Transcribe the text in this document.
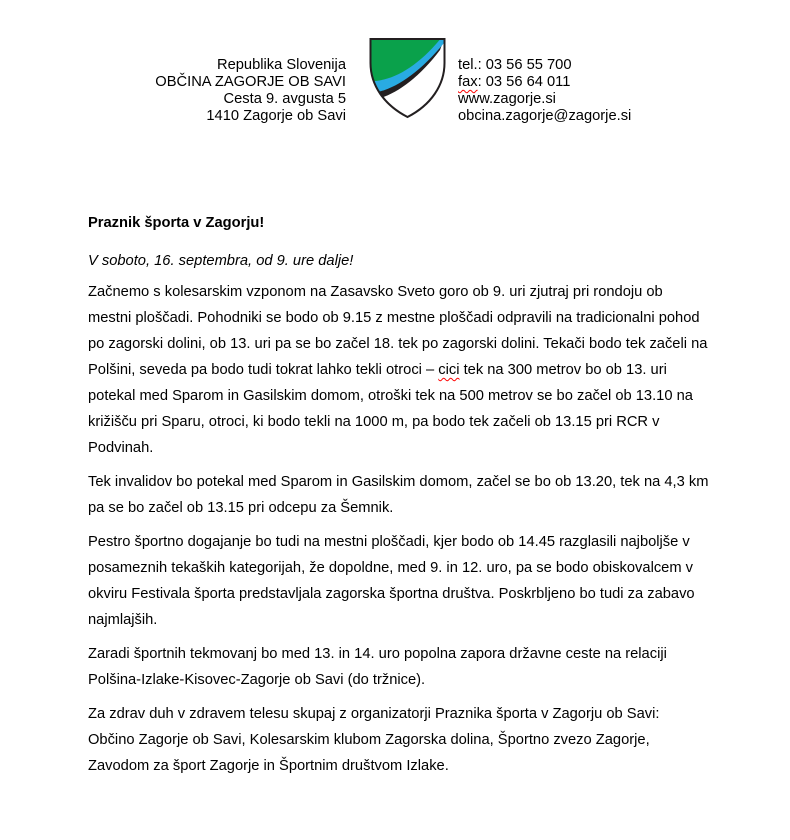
Republika Slovenija
OBČINA ZAGORJE OB SAVI
Cesta 9. avgusta 5
1410 Zagorje ob Savi
tel.: 03 56 55 700
fax: 03 56 64 011
www.zagorje.si
obcina.zagorje@zagorje.si
Praznik športa v Zagorju!
V soboto, 16. septembra, od 9. ure dalje!

Začnemo s kolesarskim vzponom na Zasavsko Sveto goro ob 9. uri zjutraj pri rondoju ob mestni ploščadi. Pohodniki se bodo ob 9.15 z mestne ploščadi odpravili na tradicionalni pohod po zagorski dolini, ob 13. uri pa se bo začel 18. tek po zagorski dolini. Tekači bodo tek začeli na Polšini, seveda pa bodo tudi tokrat lahko tekli otroci – cici tek na 300 metrov bo ob 13. uri potekal med Sparom in Gasilskim domom, otroški tek na 500 metrov se bo začel ob 13.10 na križišču pri Sparu, otroci, ki bodo tekli na 1000 m, pa bodo tek začeli ob 13.15 pri RCR v Podvinah.

Tek invalidov bo potekal med Sparom in Gasilskim domom, začel se bo ob 13.20, tek na 4,3 km pa se bo začel ob 13.15 pri odcepu za Šemnik.

Pestro športno dogajanje bo tudi na mestni ploščadi, kjer bodo ob 14.45 razglasili najboljše v posameznih tekaških kategorijah, že dopoldne, med 9. in 12. uro, pa se bodo obiskovalcem v okviru Festivala športa predstavljala zagorska športna društva. Poskrbljeno bo tudi za zabavo najmlajših.

Zaradi športnih tekmovanj bo med 13. in 14. uro popolna zapora državne ceste na relaciji Polšina-Izlake-Kisovec-Zagorje ob Savi (do tržnice).

Za zdrav duh v zdravem telesu skupaj z organizatorji Praznika športa v Zagorju ob Savi: Občino Zagorje ob Savi, Kolesarskim klubom Zagorska dolina, Športno zvezo Zagorje, Zavodom za šport Zagorje in Športnim društvom Izlake.
